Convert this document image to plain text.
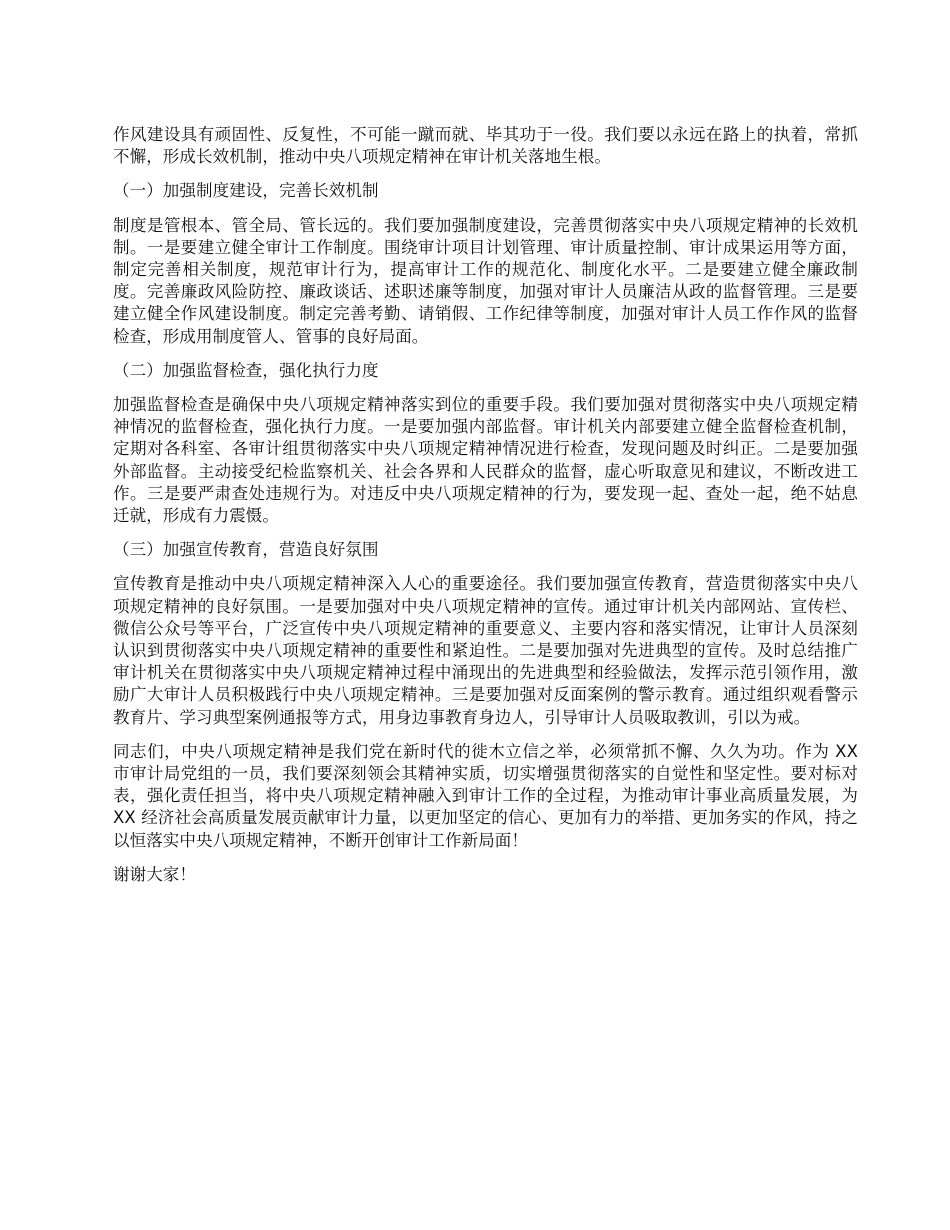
作风建设具有顽固性、反复性，不可能一蹴而就、毕其功于一役。我们要以永远在路上的执着，常抓不懈，形成长效机制，推动中央八项规定精神在审计机关落地生根。

（一）加强制度建设，完善长效机制

制度是管根本、管全局、管长远的。我们要加强制度建设，完善贯彻落实中央八项规定精神的长效机制。一是要建立健全审计工作制度。围绕审计项目计划管理、审计质量控制、审计成果运用等方面，制定完善相关制度，规范审计行为，提高审计工作的规范化、制度化水平。二是要建立健全廉政制度。完善廉政风险防控、廉政谈话、述职述廉等制度，加强对审计人员廉洁从政的监督管理。三是要建立健全作风建设制度。制定完善考勤、请销假、工作纪律等制度，加强对审计人员工作作风的监督检查，形成用制度管人、管事的良好局面。

（二）加强监督检查，强化执行力度

加强监督检查是确保中央八项规定精神落实到位的重要手段。我们要加强对贯彻落实中央八项规定精神情况的监督检查，强化执行力度。一是要加强内部监督。审计机关内部要建立健全监督检查机制，定期对各科室、各审计组贯彻落实中央八项规定精神情况进行检查，发现问题及时纠正。二是要加强外部监督。主动接受纪检监察机关、社会各界和人民群众的监督，虚心听取意见和建议，不断改进工作。三是要严肃查处违规行为。对违反中央八项规定精神的行为，要发现一起、查处一起，绝不姑息迁就，形成有力震慑。

（三）加强宣传教育，营造良好氛围

宣传教育是推动中央八项规定精神深入人心的重要途径。我们要加强宣传教育，营造贯彻落实中央八项规定精神的良好氛围。一是要加强对中央八项规定精神的宣传。通过审计机关内部网站、宣传栏、微信公众号等平台，广泛宣传中央八项规定精神的重要意义、主要内容和落实情况，让审计人员深刻认识到贯彻落实中央八项规定精神的重要性和紧迫性。二是要加强对先进典型的宣传。及时总结推广审计机关在贯彻落实中央八项规定精神过程中涌现出的先进典型和经验做法，发挥示范引领作用，激励广大审计人员积极践行中央八项规定精神。三是要加强对反面案例的警示教育。通过组织观看警示教育片、学习典型案例通报等方式，用身边事教育身边人，引导审计人员吸取教训，引以为戒。

同志们，中央八项规定精神是我们党在新时代的徙木立信之举，必须常抓不懈、久久为功。作为 XX 市审计局党组的一员，我们要深刻领会其精神实质，切实增强贯彻落实的自觉性和坚定性。要对标对表，强化责任担当，将中央八项规定精神融入到审计工作的全过程，为推动审计事业高质量发展，为 XX 经济社会高质量发展贡献审计力量，以更加坚定的信心、更加有力的举措、更加务实的作风，持之以恒落实中央八项规定精神，不断开创审计工作新局面！

谢谢大家！
